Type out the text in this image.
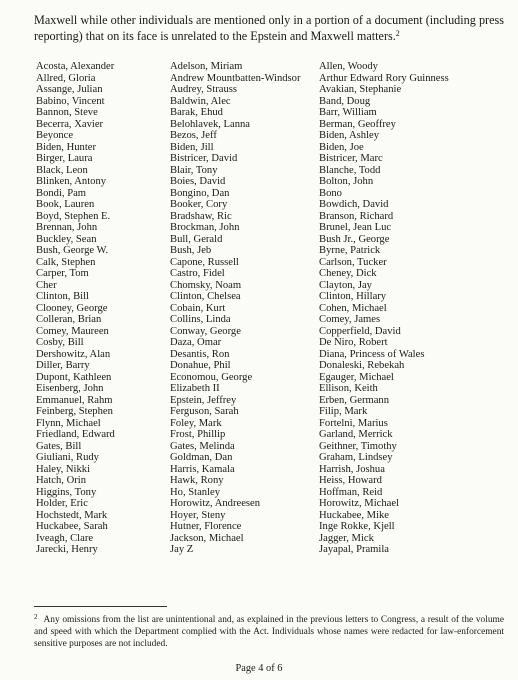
Maxwell while other individuals are mentioned only in a portion of a document (including press reporting) that on its face is unrelated to the Epstein and Maxwell matters.$^2$
Acosta, Alexander
Allred, Gloria
Assange, Julian
Babino, Vincent
Bannon, Steve
Becerra, Xavier
Beyonce
Biden, Hunter
Birger, Laura
Black, Leon
Blinken, Antony
Bondi, Pam
Book, Lauren
Boyd, Stephen E.
Brennan, John
Buckley, Sean
Bush, George W.
Calk, Stephen
Carper, Tom
Cher
Clinton, Bill
Clooney, George
Colleran, Brian
Comey, Maureen
Cosby, Bill
Dershowitz, Alan
Diller, Barry
Dupont, Kathleen
Eisenberg, John
Emmanuel, Rahm
Feinberg, Stephen
Flynn, Michael
Friedland, Edward
Gates, Bill
Giuliani, Rudy
Haley, Nikki
Hatch, Orin
Higgins, Tony
Holder, Eric
Hochstedt, Mark
Huckabee, Sarah
Iveagh, Clare
Jarecki, Henry
Adelson, Miriam
Andrew Mountbatten-Windsor
Audrey, Strauss
Baldwin, Alec
Barak, Ehud
Belohlavek, Lanna
Bezos, Jeff
Biden, Jill
Bistricer, David
Blair, Tony
Boies, David
Bongino, Dan
Booker, Cory
Bradshaw, Ric
Brockman, John
Bull, Gerald
Bush, Jeb
Capone, Russell
Castro, Fidel
Chomsky, Noam
Clinton, Chelsea
Cobain, Kurt
Collins, Linda
Conway, George
Daza, Omar
Desantis, Ron
Donahue, Phil
Economou, George
Elizabeth II
Epstein, Jeffrey
Ferguson, Sarah
Foley, Mark
Frost, Phillip
Gates, Melinda
Goldman, Dan
Harris, Kamala
Hawk, Rony
Ho, Stanley
Horowitz, Andreesen
Hoyer, Steny
Hutner, Florence
Jackson, Michael
Jay Z
Allen, Woody
Arthur Edward Rory Guinness
Avakian, Stephanie
Band, Doug
Barr, William
Berman, Geoffrey
Biden, Ashley
Biden, Joe
Bistricer, Marc
Blanche, Todd
Bolton, John
Bono
Bowdich, David
Branson, Richard
Brunel, Jean Luc
Bush Jr., George
Byrne, Patrick
Carlson, Tucker
Cheney, Dick
Clayton, Jay
Clinton, Hillary
Cohen, Michael
Comey, James
Copperfield, David
De Niro, Robert
Diana, Princess of Wales
Donaleski, Rebekah
Egauger, Michael
Ellison, Keith
Erben, Germann
Filip, Mark
Fortelni, Marius
Garland, Merrick
Geithner, Timothy
Graham, Lindsey
Harrish, Joshua
Heiss, Howard
Hoffman, Reid
Horowitz, Michael
Huckabee, Mike
Inge Rokke, Kjell
Jagger, Mick
Jayapal, Pramila
$^2$ Any omissions from the list are unintentional and, as explained in the previous letters to Congress, a result of the volume and speed with which the Department complied with the Act. Individuals whose names were redacted for law-enforcement sensitive purposes are not included.
Page 4 of 6
